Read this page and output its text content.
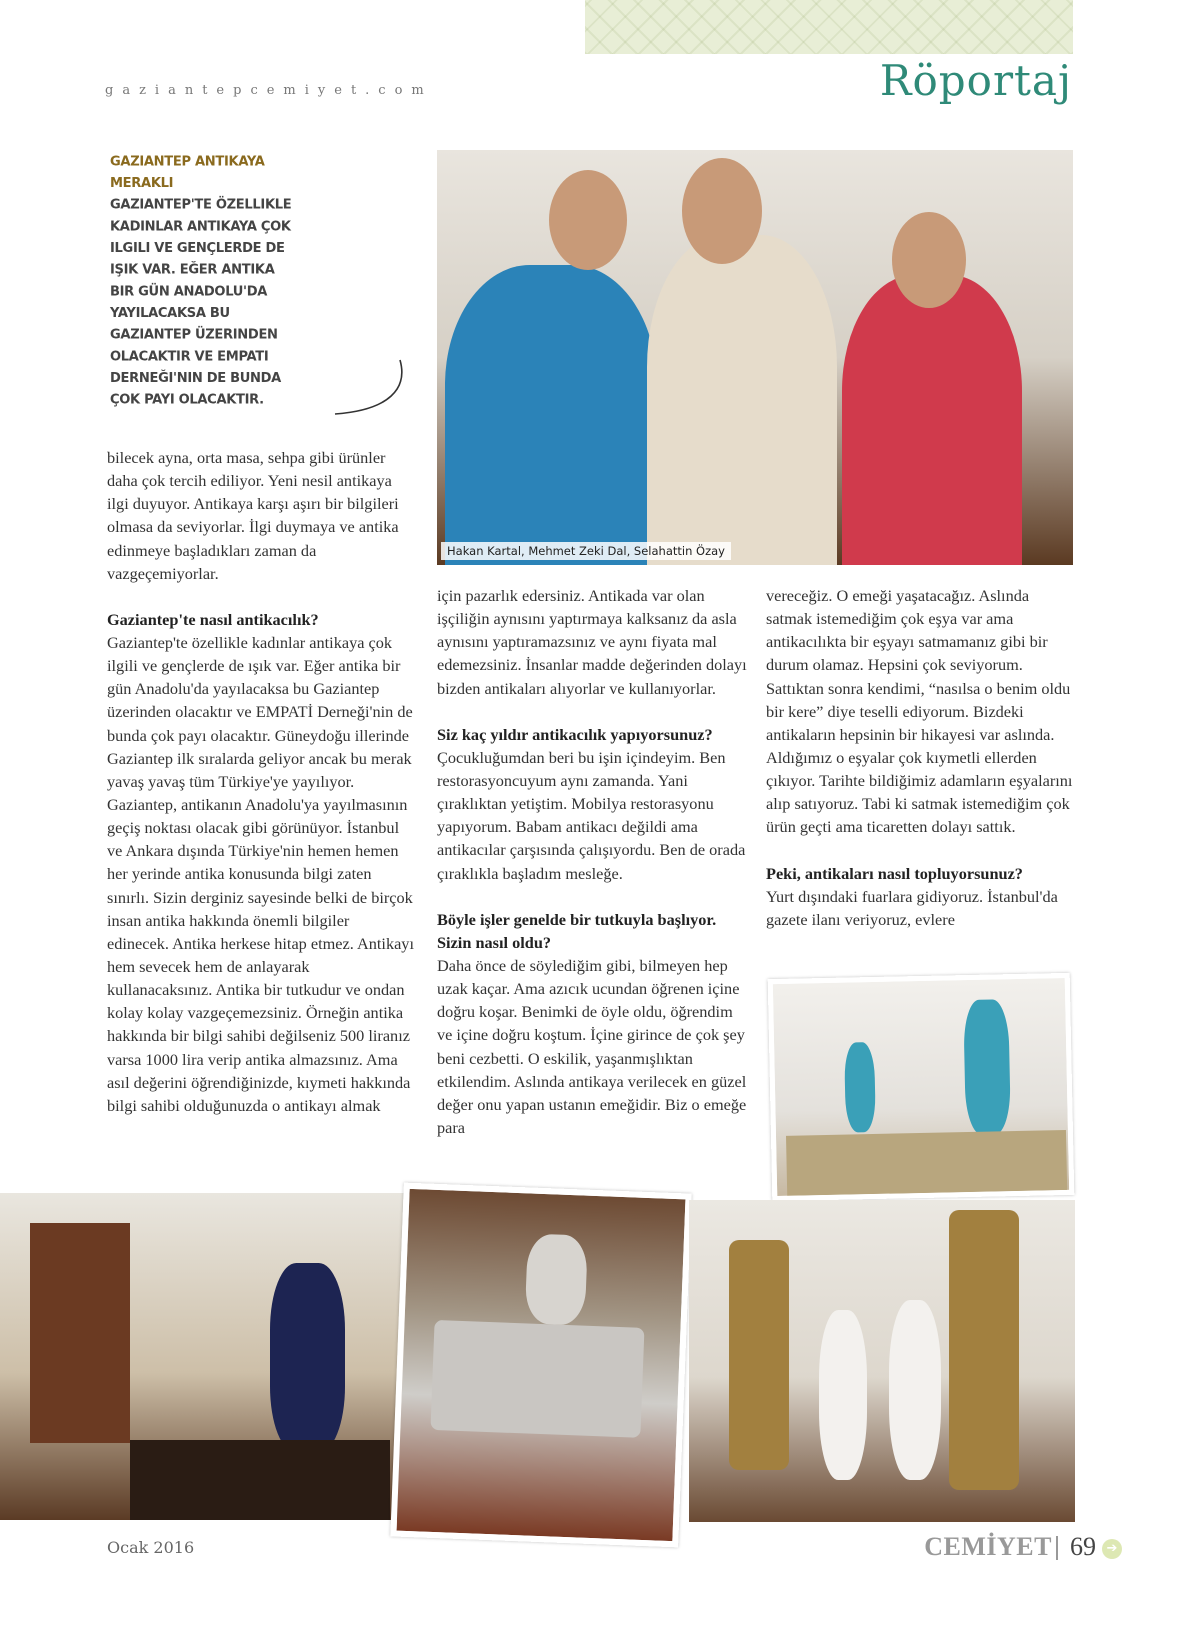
gaziantepcemiyet.com	Röportaj
GAZIANTEP ANTIKAYA MERAKLI
GAZIANTEP'TE ÖZELLIKLE KADINLAR ANTIKAYA ÇOK ILGILI VE GENÇLERDE DE IŞIK VAR. EĞER ANTIKA BIR GÜN ANADOLU'DA YAYILACAKSA BU GAZIANTEP ÜZERINDEN OLACAKTIR VE EMPATI DERNEĞI'NIN DE BUNDA ÇOK PAYI OLACAKTIR.
Hakan Kartal, Mehmet Zeki Dal, Selahattin Özay

bilecek ayna, orta masa, sehpa gibi ürünler daha çok tercih ediliyor. Yeni nesil antikaya ilgi duyuyor. Antikaya karşı aşırı bir bilgileri olmasa da seviyorlar. İlgi duymaya ve antika edinmeye başladıkları zaman da vazgeçemiyorlar.

Gaziantep'te nasıl antikacılık?

Gaziantep'te özellikle kadınlar antikaya çok ilgili ve gençlerde de ışık var. Eğer antika bir gün Anadolu'da yayılacaksa bu Gaziantep üzerinden olacaktır ve EMPATİ Derneği'nin de bunda çok payı olacaktır. Güneydoğu illerinde Gaziantep ilk sıralarda geliyor ancak bu merak yavaş yavaş tüm Türkiye'ye yayılıyor. Gaziantep, antikanın Anadolu'ya yayılmasının geçiş noktası olacak gibi görünüyor. İstanbul ve Ankara dışında Türkiye'nin hemen hemen her yerinde antika konusunda bilgi zaten sınırlı. Sizin derginiz sayesinde belki de birçok insan antika hakkında önemli bilgiler edinecek. Antika herkese hitap etmez. Antikayı hem sevecek hem de anlayarak kullanacaksınız. Antika bir tutkudur ve ondan kolay kolay vazgeçemezsiniz. Örneğin antika hakkında bir bilgi sahibi değilseniz 500 liranız varsa 1000 lira verip antika almazsınız. Ama asıl değerini öğrendiğinizde, kıymeti hakkında bilgi sahibi olduğunuzda o antikayı almak

için pazarlık edersiniz. Antikada var olan işçiliğin aynısını yaptırmaya kalksanız da asla aynısını yaptıramazsınız ve aynı fiyata mal edemezsiniz. İnsanlar madde değerinden dolayı bizden antikaları alıyorlar ve kullanıyorlar.

Siz kaç yıldır antikacılık yapıyorsunuz?

Çocukluğumdan beri bu işin içindeyim. Ben restorasyoncuyum aynı zamanda. Yani çıraklıktan yetiştim. Mobilya restorasyonu yapıyorum. Babam antikacı değildi ama antikacılar çarşısında çalışıyordu. Ben de orada çıraklıkla başladım mesleğe.

Böyle işler genelde bir tutkuyla başlıyor. Sizin nasıl oldu?

Daha önce de söylediğim gibi, bilmeyen hep uzak kaçar. Ama azıcık ucundan öğrenen içine doğru koşar. Benimki de öyle oldu, öğrendim ve içine doğru koştum. İçine girince de çok şey beni cezbetti. O eskilik, yaşanmışlıktan etkilendim. Aslında antikaya verilecek en güzel değer onu yapan ustanın emeğidir. Biz o emeğe para

vereceğiz. O emeği yaşatacağız. Aslında satmak istemediğim çok eşya var ama antikacılıkta bir eşyayı satmamanız gibi bir durum olamaz. Hepsini çok seviyorum. Sattıktan sonra kendimi, “nasılsa o benim oldu bir kere” diye teselli ediyorum. Bizdeki antikaların hepsinin bir hikayesi var aslında. Aldığımız o eşyalar çok kıymetli ellerden çıkıyor. Tarihte bildiğimiz adamların eşyalarını alıp satıyoruz. Tabi ki satmak istemediğim çok ürün geçti ama ticaretten dolayı sattık.

Peki, antikaları nasıl topluyorsunuz?

Yurt dışındaki fuarlara gidiyoruz. İstanbul'da gazete ilanı veriyoruz, evlere

Ocak 2016	CEMİYET 69 ➔
